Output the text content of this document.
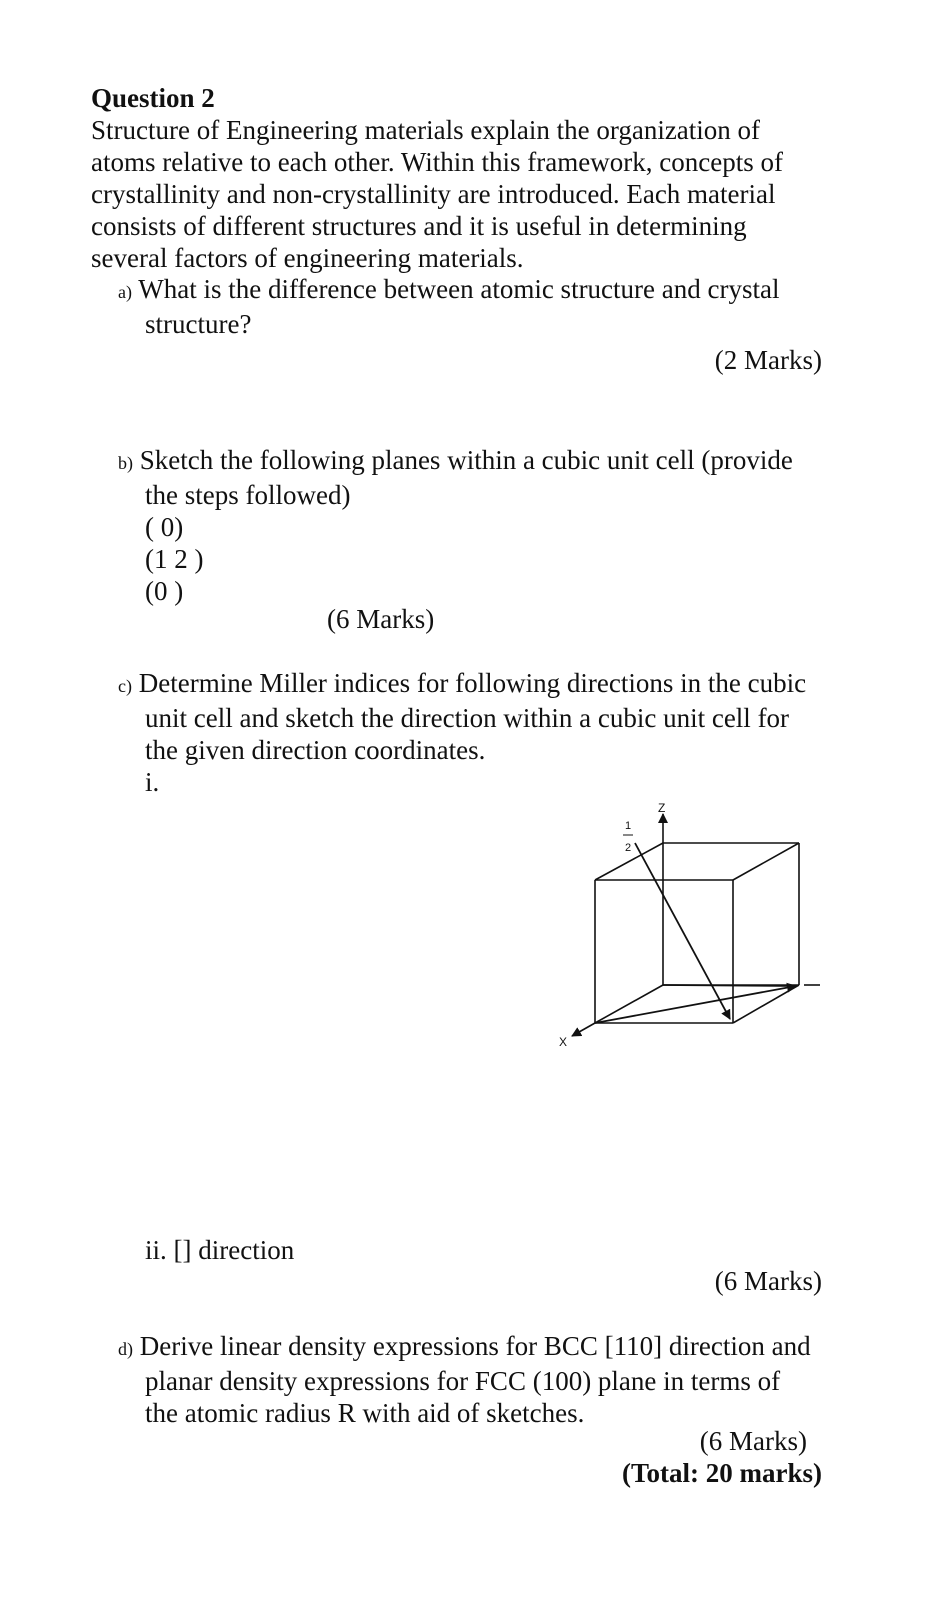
Question 2
Structure of Engineering materials explain the organization of
atoms relative to each other. Within this framework, concepts of
crystallinity and non-crystallinity are introduced. Each material
consists of different structures and it is useful in determining
several factors of engineering materials.
a) What is the difference between atomic structure and crystal
structure?
(2 Marks)
b) Sketch the following planes within a cubic unit cell (provide
the steps followed)
( 0)
(1 2 )
(0 )
(6 Marks)
c) Determine Miller indices for following directions in the cubic
unit cell and sketch the direction within a cubic unit cell for
the given direction coordinates.
i.
Z
X
1
2
ii. [] direction
(6 Marks)
d) Derive linear density expressions for BCC [110] direction and
planar density expressions for FCC (100) plane in terms of
the atomic radius R with aid of sketches.
(6 Marks)
(Total: 20 marks)
